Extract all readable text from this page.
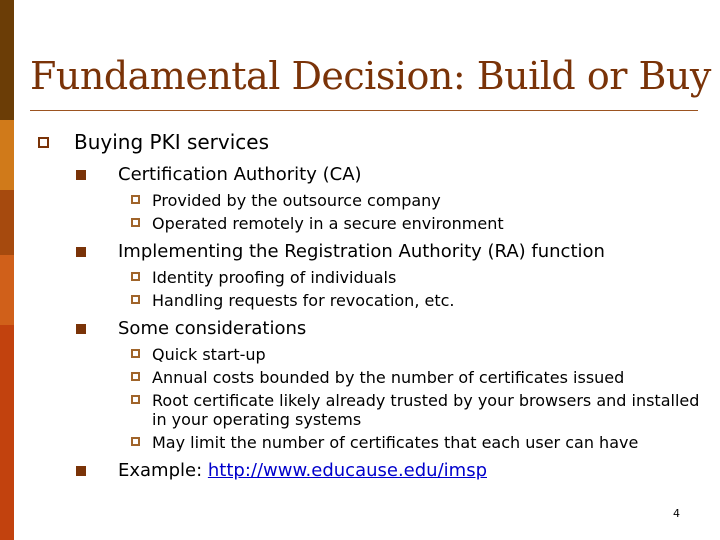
Fundamental Decision: Build or Buy
Buying PKI services
Certification Authority (CA)
Provided by the outsource company
Operated remotely in a secure environment
Implementing the Registration Authority (RA) function
Identity proofing of individuals
Handling requests for revocation, etc.
Some considerations
Quick start-up
Annual costs bounded by the number of certificates issued
Root certificate likely already trusted by your browsers and installed in your operating systems
May limit the number of certificates that each user can have
Example: http://www.educause.edu/imsp
4
